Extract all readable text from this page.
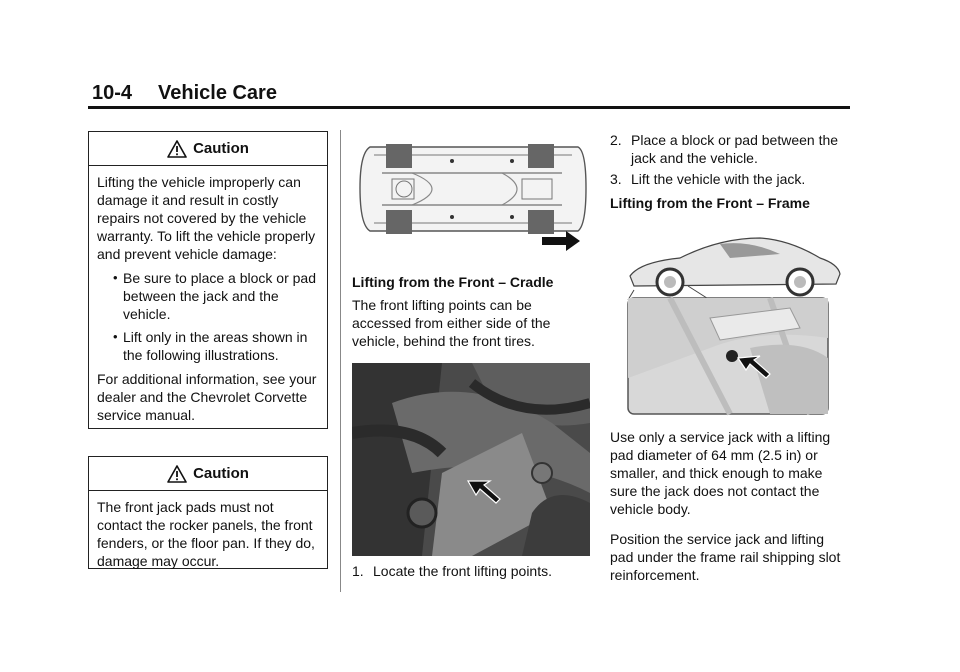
10-4 Vehicle Care
Caution

Lifting the vehicle improperly can damage it and result in costly repairs not covered by the vehicle warranty. To lift the vehicle properly and prevent vehicle damage:

• Be sure to place a block or pad between the jack and the vehicle.
• Lift only in the areas shown in the following illustrations.

For additional information, see your dealer and the Chevrolet Corvette service manual.

Caution

The front jack pads must not contact the rocker panels, the front fenders, or the floor pan. If they do, damage may occur.

Lifting from the Front – Cradle
The front lifting points can be accessed from either side of the vehicle, behind the front tires.
1. Locate the front lifting points.
2. Place a block or pad between the jack and the vehicle.
3. Lift the vehicle with the jack.
Lifting from the Front – Frame
Use only a service jack with a lifting pad diameter of 64 mm (2.5 in) or smaller, and thick enough to make sure the jack does not contact the vehicle body.
Position the service jack and lifting pad under the frame rail shipping slot reinforcement.
